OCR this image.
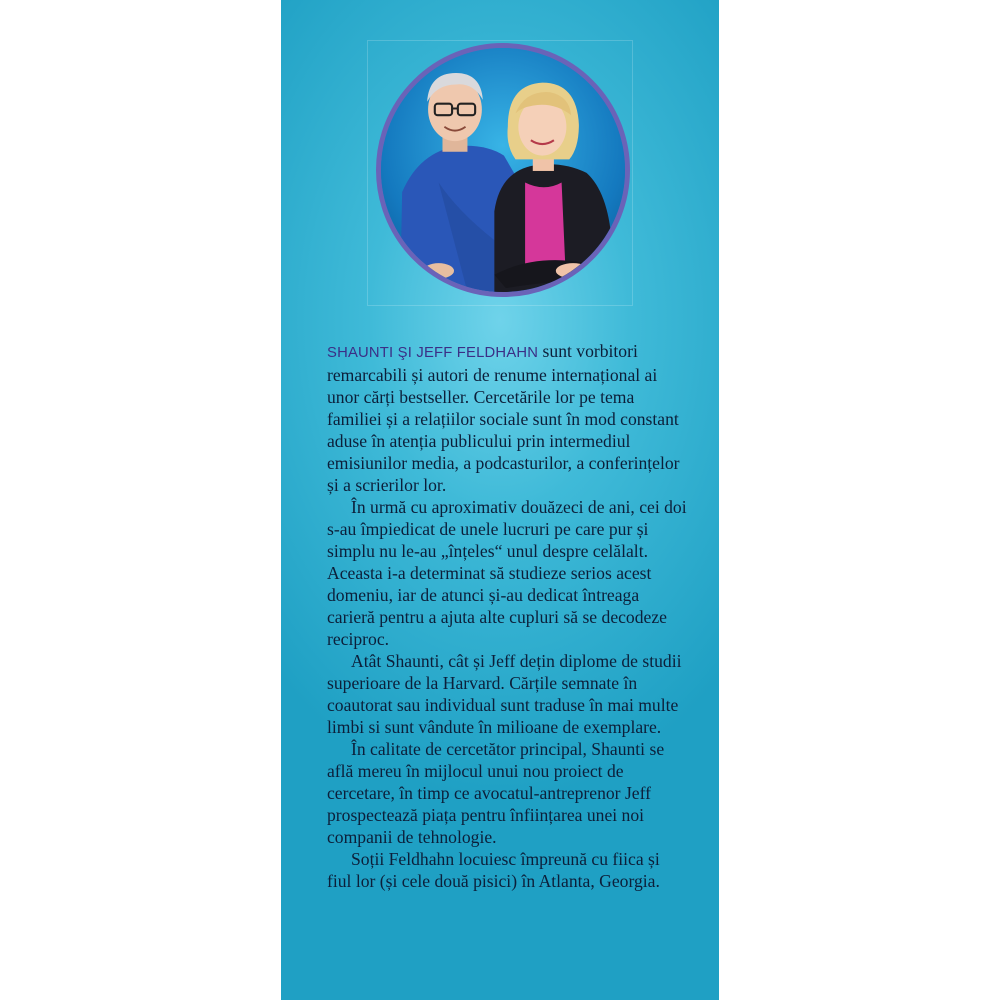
SHAUNTI ŞI JEFF FELDHAHN sunt vorbitori remarcabili și autori de renume internațional ai unor cărți bestseller. Cercetările lor pe tema familiei și a relațiilor sociale sunt în mod constant aduse în atenția publicului prin intermediul emisiunilor media, a podcasturilor, a conferințelor și a scrierilor lor.

În urmă cu aproximativ douăzeci de ani, cei doi s-au împiedicat de unele lucruri pe care pur și simplu nu le-au „înțeles“ unul despre celălalt. Aceasta i-a determinat să studieze serios acest domeniu, iar de atunci și-au dedicat întreaga carieră pentru a ajuta alte cupluri să se decodeze reciproc.

Atât Shaunti, cât și Jeff dețin diplome de studii superioare de la Harvard. Cărțile semnate în coautorat sau individual sunt traduse în mai multe limbi si sunt vândute în milioane de exemplare.

În calitate de cercetător principal, Shaunti se află mereu în mijlocul unui nou proiect de cercetare, în timp ce avocatul-antreprenor Jeff prospectează piața pentru înființarea unei noi companii de tehnologie.

Soții Feldhahn locuiesc împreună cu fiica și fiul lor (și cele două pisici) în Atlanta, Georgia.
